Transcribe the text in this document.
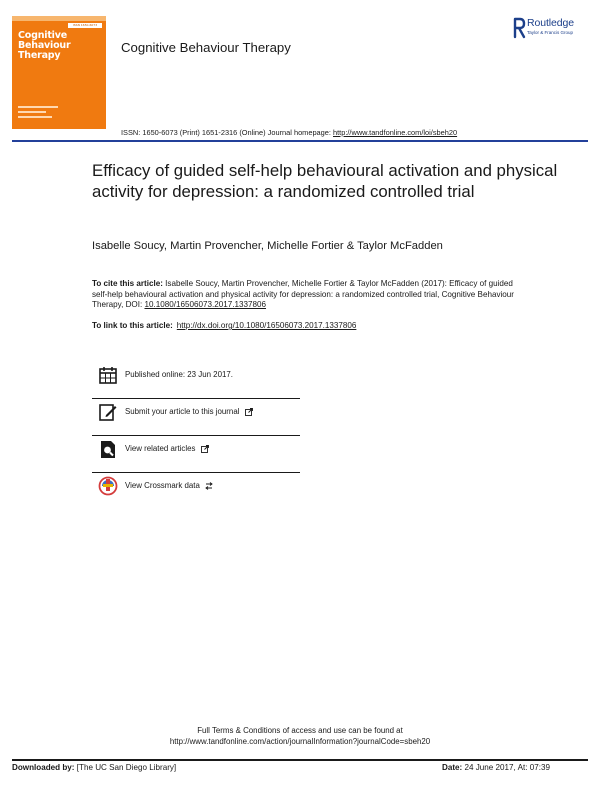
ISSN 1650-6073
Cognitive Behaviour Therapy
Cognitive Behaviour Therapy
Routledge
Taylor & Francis Group
ISSN: 1650-6073 (Print) 1651-2316 (Online) Journal homepage: http://www.tandfonline.com/loi/sbeh20
Efficacy of guided self-help behavioural activation and physical activity for depression: a randomized controlled trial
Isabelle Soucy, Martin Provencher, Michelle Fortier & Taylor McFadden
To cite this article: Isabelle Soucy, Martin Provencher, Michelle Fortier & Taylor McFadden (2017): Efficacy of guided self-help behavioural activation and physical activity for depression: a randomized controlled trial, Cognitive Behaviour Therapy, DOI: 10.1080/16506073.2017.1337806
To link to this article: http://dx.doi.org/10.1080/16506073.2017.1337806
Published online: 23 Jun 2017.
Submit your article to this journal
View related articles
View Crossmark data
Full Terms & Conditions of access and use can be found at
http://www.tandfonline.com/action/journalInformation?journalCode=sbeh20
Downloaded by: [The UC San Diego Library]	Date: 24 June 2017, At: 07:39
